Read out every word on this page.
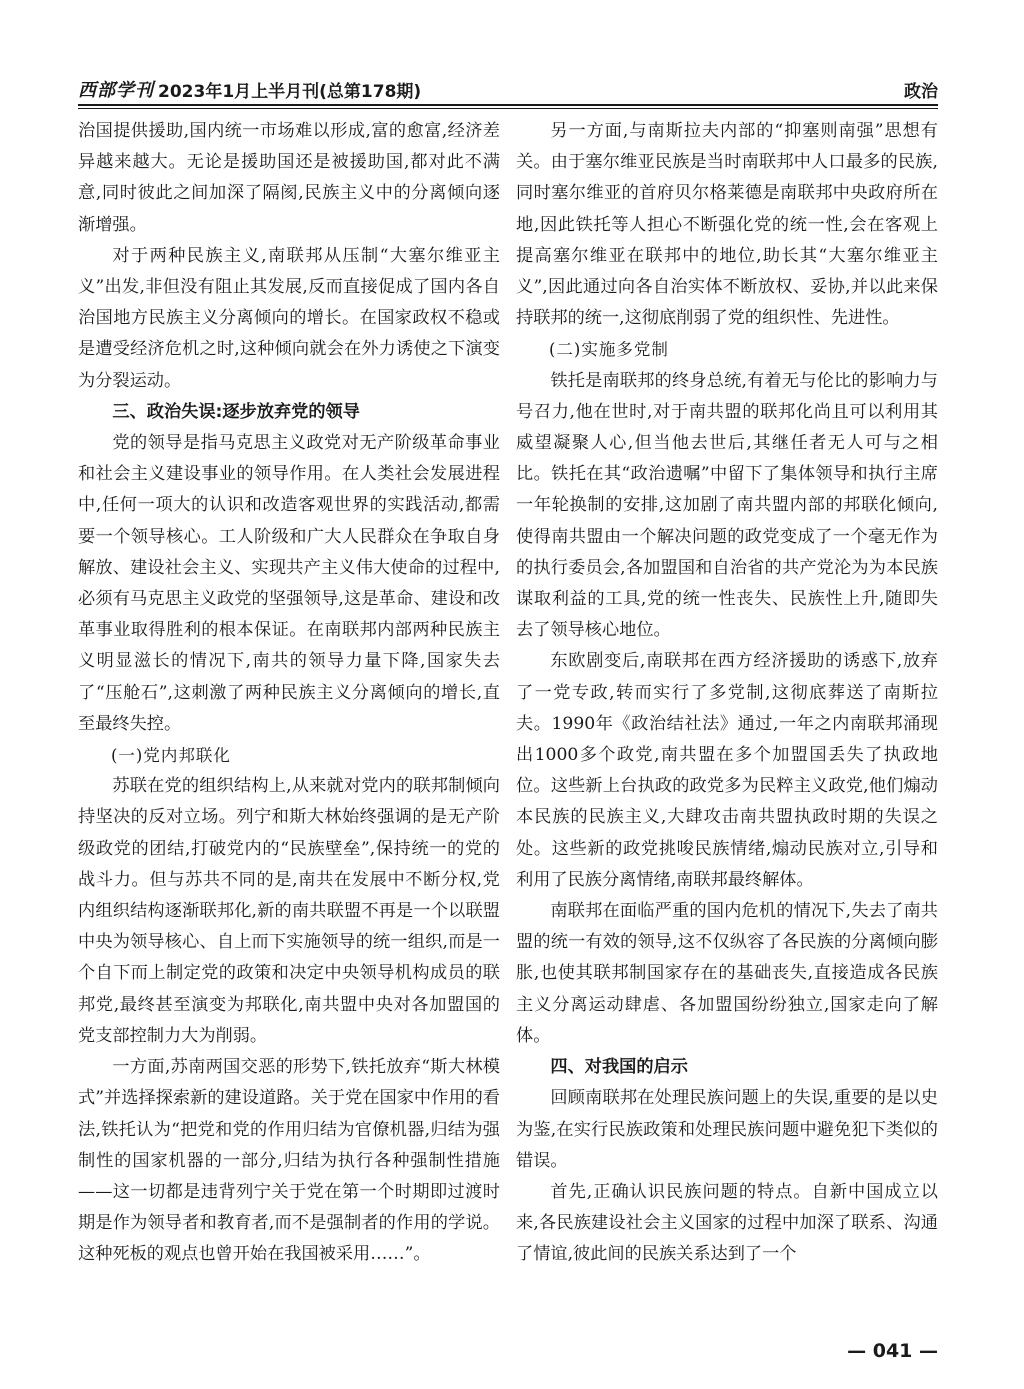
西部学刊 2023年1月上半月刊(总第178期)	政治

治国提供援助,国内统一市场难以形成,富的愈富,经济差异越来越大。无论是援助国还是被援助国,都对此不满意,同时彼此之间加深了隔阂,民族主义中的分离倾向逐渐增强。

对于两种民族主义,南联邦从压制“大塞尔维亚主义”出发,非但没有阻止其发展,反而直接促成了国内各自治国地方民族主义分离倾向的增长。在国家政权不稳或是遭受经济危机之时,这种倾向就会在外力诱使之下演变为分裂运动。

三、政治失误:逐步放弃党的领导

党的领导是指马克思主义政党对无产阶级革命事业和社会主义建设事业的领导作用。在人类社会发展进程中,任何一项大的认识和改造客观世界的实践活动,都需要一个领导核心。工人阶级和广大人民群众在争取自身解放、建设社会主义、实现共产主义伟大使命的过程中,必须有马克思主义政党的坚强领导,这是革命、建设和改革事业取得胜利的根本保证。在南联邦内部两种民族主义明显滋长的情况下,南共的领导力量下降,国家失去了“压舱石”,这刺激了两种民族主义分离倾向的增长,直至最终失控。

(一)党内邦联化

苏联在党的组织结构上,从来就对党内的联邦制倾向持坚决的反对立场。列宁和斯大林始终强调的是无产阶级政党的团结,打破党内的“民族壁垒”,保持统一的党的战斗力。但与苏共不同的是,南共在发展中不断分权,党内组织结构逐渐联邦化,新的南共联盟不再是一个以联盟中央为领导核心、自上而下实施领导的统一组织,而是一个自下而上制定党的政策和决定中央领导机构成员的联邦党,最终甚至演变为邦联化,南共盟中央对各加盟国的党支部控制力大为削弱。

一方面,苏南两国交恶的形势下,铁托放弃“斯大林模式”并选择探索新的建设道路。关于党在国家中作用的看法,铁托认为“把党和党的作用归结为官僚机器,归结为强制性的国家机器的一部分,归结为执行各种强制性措施——这一切都是违背列宁关于党在第一个时期即过渡时期是作为领导者和教育者,而不是强制者的作用的学说。这种死板的观点也曾开始在我国被采用……”。

另一方面,与南斯拉夫内部的“抑塞则南强”思想有关。由于塞尔维亚民族是当时南联邦中人口最多的民族,同时塞尔维亚的首府贝尔格莱德是南联邦中央政府所在地,因此铁托等人担心不断强化党的统一性,会在客观上提高塞尔维亚在联邦中的地位,助长其“大塞尔维亚主义”,因此通过向各自治实体不断放权、妥协,并以此来保持联邦的统一,这彻底削弱了党的组织性、先进性。

(二)实施多党制

铁托是南联邦的终身总统,有着无与伦比的影响力与号召力,他在世时,对于南共盟的联邦化尚且可以利用其威望凝聚人心,但当他去世后,其继任者无人可与之相比。铁托在其“政治遗嘱”中留下了集体领导和执行主席一年轮换制的安排,这加剧了南共盟内部的邦联化倾向,使得南共盟由一个解决问题的政党变成了一个毫无作为的执行委员会,各加盟国和自治省的共产党沦为为本民族谋取利益的工具,党的统一性丧失、民族性上升,随即失去了领导核心地位。

东欧剧变后,南联邦在西方经济援助的诱惑下,放弃了一党专政,转而实行了多党制,这彻底葬送了南斯拉夫。1990年《政治结社法》通过,一年之内南联邦涌现出1000多个政党,南共盟在多个加盟国丢失了执政地位。这些新上台执政的政党多为民粹主义政党,他们煽动本民族的民族主义,大肆攻击南共盟执政时期的失误之处。这些新的政党挑唆民族情绪,煽动民族对立,引导和利用了民族分离情绪,南联邦最终解体。

南联邦在面临严重的国内危机的情况下,失去了南共盟的统一有效的领导,这不仅纵容了各民族的分离倾向膨胀,也使其联邦制国家存在的基础丧失,直接造成各民族主义分离运动肆虐、各加盟国纷纷独立,国家走向了解体。

四、对我国的启示

回顾南联邦在处理民族问题上的失误,重要的是以史为鉴,在实行民族政策和处理民族问题中避免犯下类似的错误。

首先,正确认识民族问题的特点。自新中国成立以来,各民族建设社会主义国家的过程中加深了联系、沟通了情谊,彼此间的民族关系达到了一个

— 041 —
